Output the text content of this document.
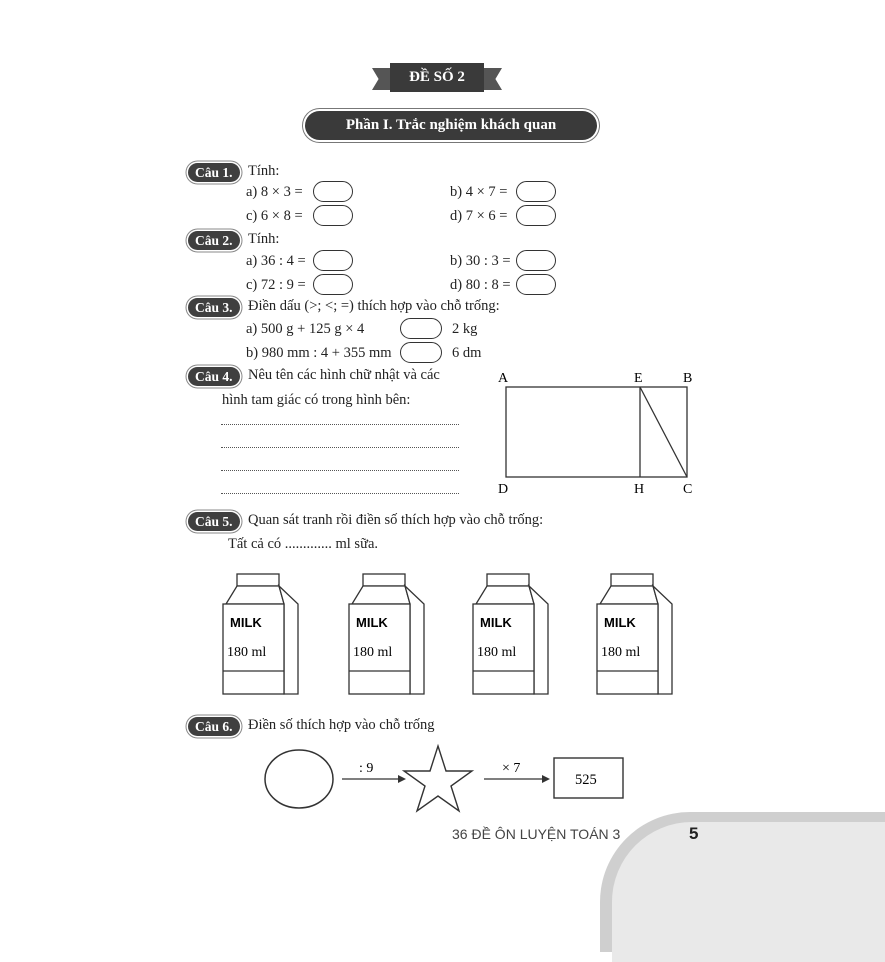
ĐỀ SỐ 2
Phần I. Trắc nghiệm khách quan
Câu 1.	Tính:
a) 8 × 3 =	b) 4 × 7 =
c) 6 × 8 =	d) 7 × 6 =
Câu 2.	Tính:
a) 36 : 4 =	b) 30 : 3 =
c) 72 : 9 =	d) 80 : 8 =
Câu 3.	Điền dấu (>; <; =) thích hợp vào chỗ trống:
a) 500 g + 125 g × 4	2 kg
b) 980 mm : 4 + 355 mm	6 dm
Câu 4.	Nêu tên các hình chữ nhật và các
hình tam giác có trong hình bên:
A	E	B
D	H	C
Câu 5.	Quan sát tranh rồi điền số thích hợp vào chỗ trống:
Tất cả có ............. ml sữa.
MILK
180 ml
MILK
180 ml
MILK
180 ml
MILK
180 ml
Câu 6.	Điền số thích hợp vào chỗ trống
: 9	× 7
525
36 ĐỀ ÔN LUYỆN TOÁN 3	5
